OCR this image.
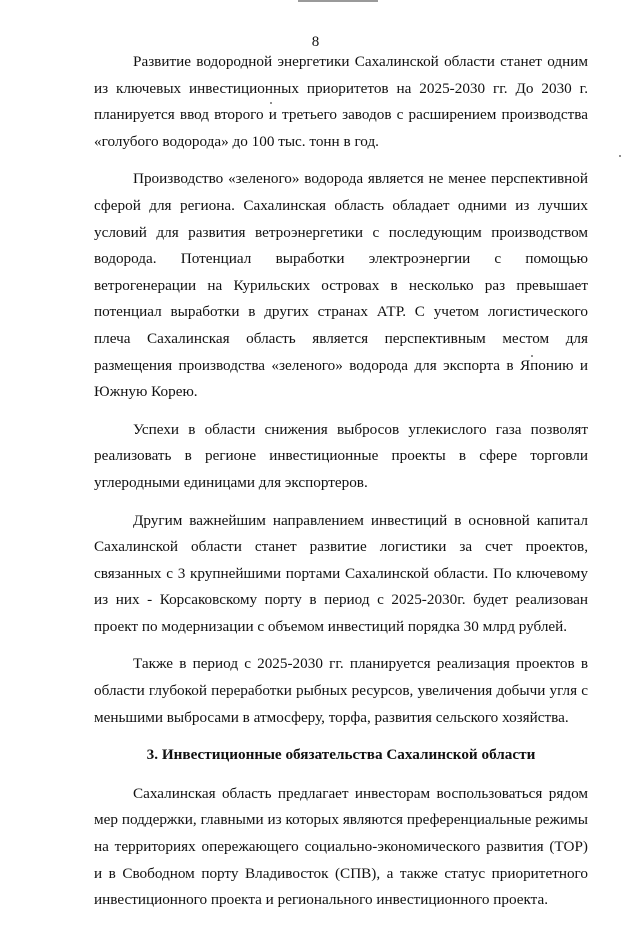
8

Развитие водородной энергетики Сахалинской области станет одним из ключевых инвестиционных приоритетов на 2025-2030 гг. До 2030 г. планируется ввод второго и третьего заводов с расширением производства «голубого водорода» до 100 тыс. тонн в год.

Производство «зеленого» водорода является не менее перспективной сферой для региона. Сахалинская область обладает одними из лучших условий для развития ветроэнергетики с последующим производством водорода. Потенциал выработки электроэнергии с помощью ветрогенерации на Курильских островах в несколько раз превышает потенциал выработки в других странах АТР. С учетом логистического плеча Сахалинская область является перспективным местом для размещения производства «зеленого» водорода для экспорта в Японию и Южную Корею.

Успехи в области снижения выбросов углекислого газа позволят реализовать в регионе инвестиционные проекты в сфере торговли углеродными единицами для экспортеров.

Другим важнейшим направлением инвестиций в основной капитал Сахалинской области станет развитие логистики за счет проектов, связанных с 3 крупнейшими портами Сахалинской области. По ключевому из них - Корсаковскому порту в период с 2025-2030г. будет реализован проект по модернизации с объемом инвестиций порядка 30 млрд рублей.

Также в период с 2025-2030 гг. планируется реализация проектов в области глубокой переработки рыбных ресурсов, увеличения добычи угля с меньшими выбросами в атмосферу, торфа, развития сельского хозяйства.

3. Инвестиционные обязательства Сахалинской области

Сахалинская область предлагает инвесторам воспользоваться рядом мер поддержки, главными из которых являются преференциальные режимы на территориях опережающего социально-экономического развития (ТОР) и в Свободном порту Владивосток (СПВ), а также статус приоритетного инвестиционного проекта и регионального инвестиционного проекта.
